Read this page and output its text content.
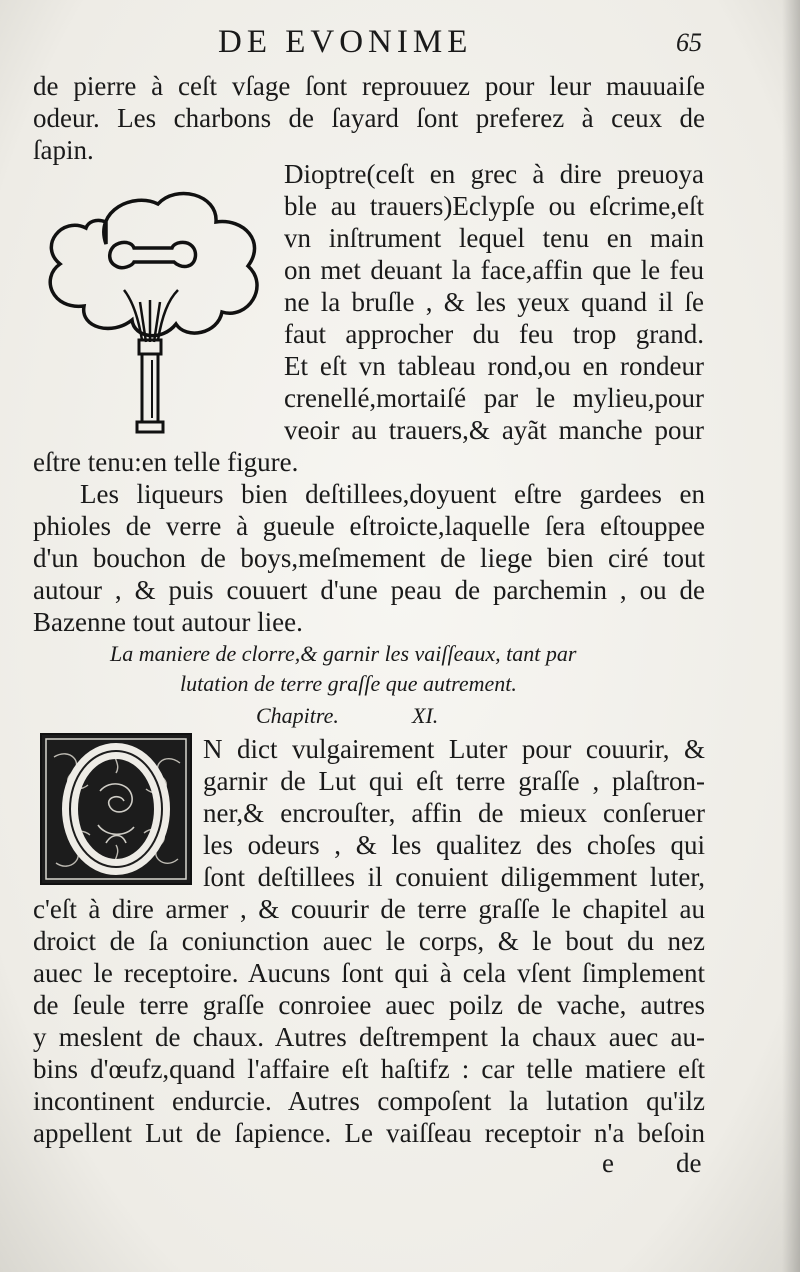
DE EVONIME	65
de pierre à ceſt vſage ſont reprouuez pour leur mauuaiſe
odeur. Les charbons de ſayard ſont preferez à ceux de
ſapin.
Dioptre(ceſt en grec à dire preuoya
ble au trauers)Eclypſe ou eſcrime,eſt
vn inſtrument lequel tenu en main
on met deuant la face,affin que le feu
ne la bruſle , & les yeux quand il ſe
faut approcher du feu trop grand.
Et eſt vn tableau rond,ou en rondeur
crenellé,mortaiſé par le mylieu,pour
veoir au trauers,& ayãt manche pour
eſtre tenu:en telle figure.
Les liqueurs bien deſtillees,doyuent eſtre gardees en
phioles de verre à gueule eſtroicte,laquelle ſera eſtouppee
d'un bouchon de boys,meſmement de liege bien ciré tout
autour , & puis couuert d'une peau de parchemin , ou de
Bazenne tout autour liee.
La maniere de clorre,& garnir les vaiſſeaux, tant par
lutation de terre graſſe que autrement.
Chapitre.	XI.
N dict vulgairement Luter pour couurir, &
garnir de Lut qui eſt terre graſſe , plaſtron-
ner,& encrouſter, affin de mieux conſeruer
les odeurs , & les qualitez des choſes qui
ſont deſtillees il conuient diligemment luter,
c'eſt à dire armer , & couurir de terre graſſe le chapitel au
droict de ſa coniunction auec le corps, & le bout du nez
auec le receptoire. Aucuns ſont qui à cela vſent ſimplement
de ſeule terre graſſe conroiee auec poilz de vache, autres
y meslent de chaux. Autres deſtrempent la chaux auec au-
bins d'œufz,quand l'affaire eſt haſtifz : car telle matiere eſt
incontinent endurcie. Autres compoſent la lutation qu'ilz
appellent Lut de ſapience. Le vaiſſeau receptoir n'a beſoin
e de
